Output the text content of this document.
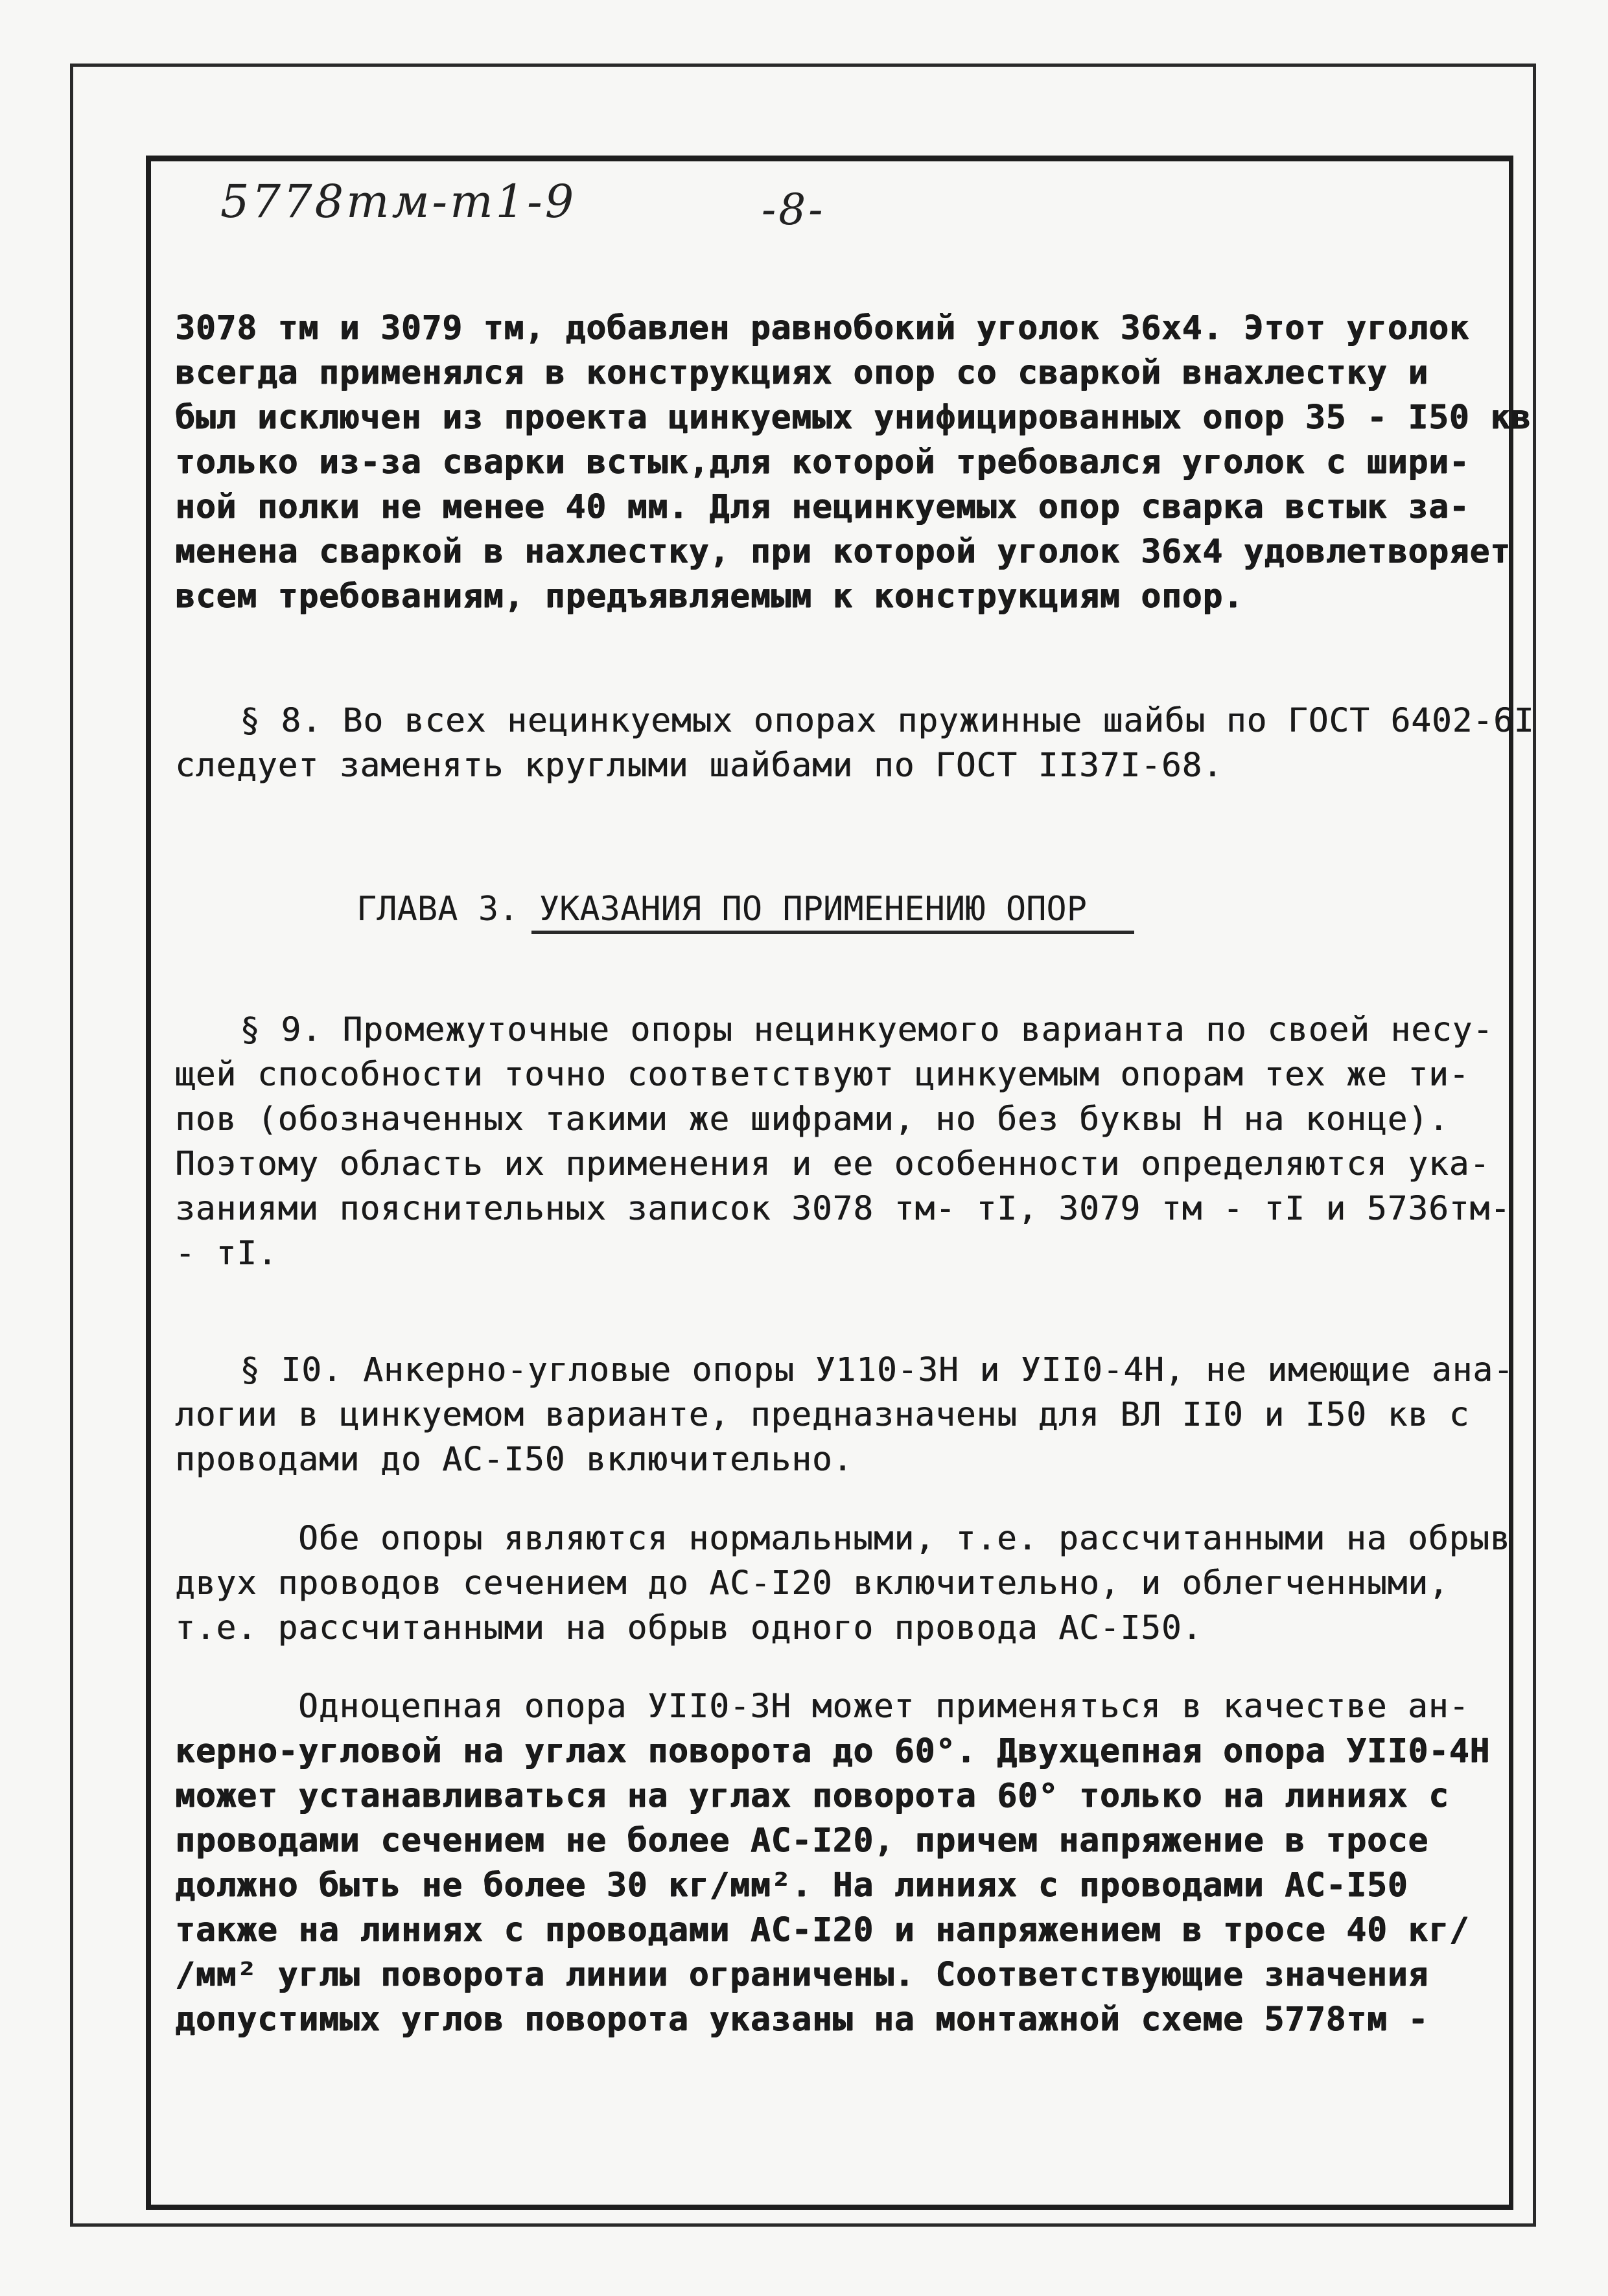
5778тм-т1-9	-8-
3078 тм и 3079 тм, добавлен равнобокий уголок 36x4. Этот уголок
всегда применялся в конструкциях опор со сваркой внахлестку и
был исключен из проекта цинкуемых унифицированных опор 35 - I50 кв
только из-за сварки встык,для которой требовался уголок с шири-
ной полки не менее 40 мм. Для нецинкуемых опор сварка встык за-
менена сваркой в нахлестку, при которой уголок 36x4 удовлетворяет
всем требованиям, предъявляемым к конструкциям опор.
§ 8. Во всех нецинкуемых опорах пружинные шайбы по ГОСТ 6402-6I
следует заменять круглыми шайбами по ГОСТ II37I-68.
ГЛАВА 3. УКАЗАНИЯ ПО ПРИМЕНЕНИЮ ОПОР
§ 9. Промежуточные опоры нецинкуемого варианта по своей несу-
щей способности точно соответствуют цинкуемым опорам тех же ти-
пов (обозначенных такими же шифрами, но без буквы Н на конце).
Поэтому область их применения и ее особенности определяются ука-
заниями пояснительных записок 3078 тм- тI, 3079 тм - тI и 5736тм-
- тI.
§ I0. Анкерно-угловые опоры У110-3Н и УII0-4Н, не имеющие ана-
логии в цинкуемом варианте, предназначены для ВЛ II0 и I50 кв с
проводами до АС-I50 включительно.
Обе опоры являются нормальными, т.е. рассчитанными на обрыв
двух проводов сечением до АС-I20 включительно, и облегченными,
т.е. рассчитанными на обрыв одного провода АС-I50.
Одноцепная опора УII0-3Н может применяться в качестве ан-
керно-угловой на углах поворота до 60°. Двухцепная опора УII0-4Н
может устанавливаться на углах поворота 60° только на линиях с
проводами сечением не более АС-I20, причем напряжение в тросе
должно быть не более 30 кг/мм². На линиях с проводами АС-I50
также на линиях с проводами АС-I20 и напряжением в тросе 40 кг/
/мм² углы поворота линии ограничены. Соответствующие значения
допустимых углов поворота указаны на монтажной схеме 5778тм -
